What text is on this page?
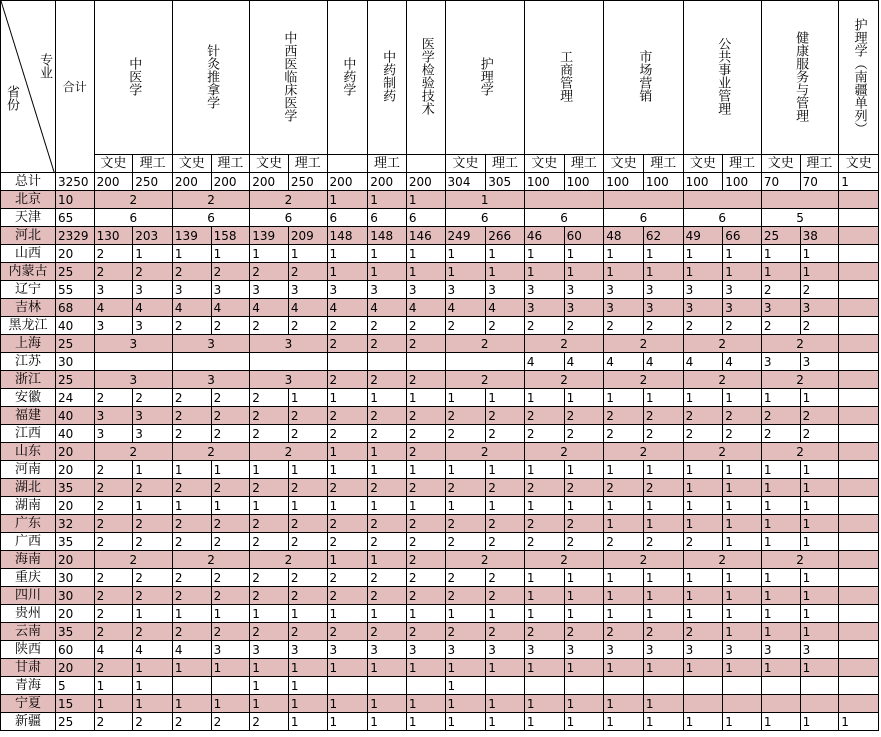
专业
省份	合计	中医学		针灸推拿学		中西医临床医学		中药学	中药制药	医学检验技术	护理学		工商管理		市场营销		公共事业管理		健康服务与管理		护理学（南疆单列）
		文史	理工	文史	理工	文史	理工		理工		文史	理工	文史	理工	文史	理工	文史	理工	文史	理工	文史
总计	3250	200	250	200	200	200	250	200	200	200	304	305	100	100	100	100	100	100	70	70	1
北京	10	2		2		2		1	1	1	1										
天津	65	6		6		6		6	6	6	6		6		6		6		5		
河北	2329	130	203	139	158	139	209	148	148	146	249	266	46	60	48	62	49	66	25	38	
山西	20	2	1	1	1	1	1	1	1	1	1	1	1	1	1	1	1	1	1	1	
内蒙古	25	2	2	2	2	2	2	1	1	1	1	1	1	1	1	1	1	1	1	1	
辽宁	55	3	3	3	3	3	3	3	3	3	3	3	3	3	3	3	3	3	2	2	
吉林	68	4	4	4	4	4	4	4	4	4	4	4	3	3	3	3	3	3	3	3	
黑龙江	40	3	3	2	2	2	2	2	2	2	2	2	2	2	2	2	2	2	2	2	
上海	25	3		3		3		2	2	2	2		2		2		2		2		
江苏	30												4	4	4	4	4	4	3	3	
浙江	25	3		3		3		2	2	2	2		2		2		2		2		
安徽	24	2	2	2	2	2	1	1	1	1	1	1	1	1	1	1	1	1	1	1	
福建	40	3	3	2	2	2	2	2	2	2	2	2	2	2	2	2	2	2	2	2	
江西	40	3	3	2	2	2	2	2	2	2	2	2	2	2	2	2	2	2	2	2	
山东	20	2		2		2		1	1	2	2		2		2		2		2		
河南	20	2	1	1	1	1	1	1	1	1	1	1	1	1	1	1	1	1	1	1	
湖北	35	2	2	2	2	2	2	2	2	2	2	2	2	2	2	2	1	1	1	1	
湖南	20	2	1	1	1	1	1	1	1	1	1	1	1	1	1	1	1	1	1	1	
广东	32	2	2	2	2	2	2	2	2	2	2	2	2	2	1	1	1	1	1	1	
广西	35	2	2	2	2	2	2	2	2	2	2	2	2	2	2	2	2	1	1	1	
海南	20	2		2		2		1	1	2	2		2		2		2		2		
重庆	30	2	2	2	2	2	2	2	2	2	2	2	1	1	1	1	1	1	1	1	
四川	30	2	2	2	2	2	2	2	2	2	2	2	1	1	1	1	1	1	1	1	
贵州	20	2	1	1	1	1	1	1	1	1	1	1	1	1	1	1	1	1	1	1	
云南	35	2	2	2	2	2	2	2	2	2	2	2	2	2	2	2	2	1	1	1	
陕西	60	4	4	4	3	3	3	3	3	3	3	3	3	3	3	3	3	3	3	3	
甘肃	20	2	1	1	1	1	1	1	1	1	1	1	1	1	1	1	1	1	1	1	
青海	5	1	1			1	1				1										
宁夏	15	1	1	1	1	1	1	1	1	1	1	1	1	1	1	1					
新疆	25	2	2	2	2	2	1	1	1	1	1	1	1	1	1	1	1	1	1	1	1
